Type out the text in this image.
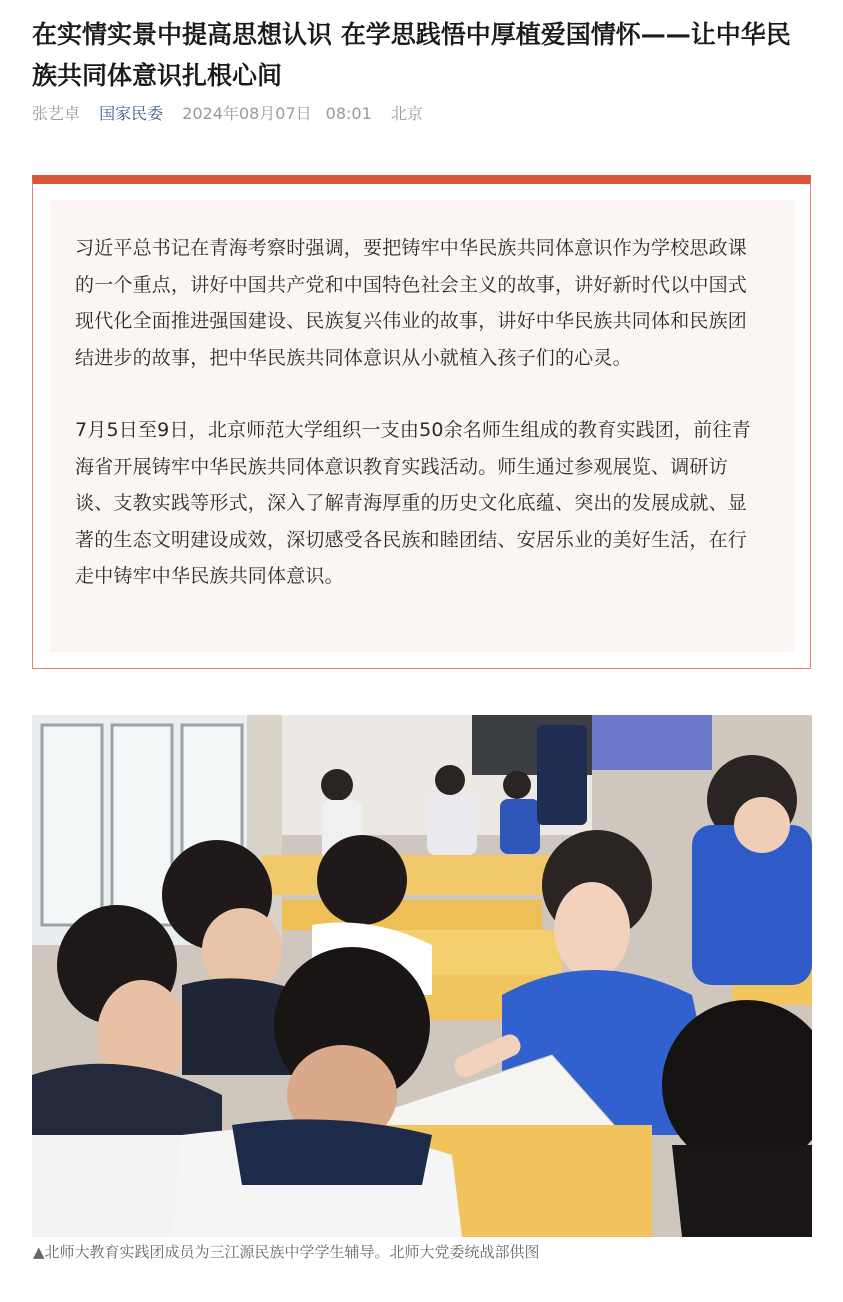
在实情实景中提高思想认识 在学思践悟中厚植爱国情怀——让中华民族共同体意识扎根心间
张艺卓 国家民委 2024年08月07日 08:01 北京

习近平总书记在青海考察时强调，要把铸牢中华民族共同体意识作为学校思政课的一个重点，讲好中国共产党和中国特色社会主义的故事，讲好新时代以中国式现代化全面推进强国建设、民族复兴伟业的故事，讲好中华民族共同体和民族团结进步的故事，把中华民族共同体意识从小就植入孩子们的心灵。

7月5日至9日，北京师范大学组织一支由50余名师生组成的教育实践团，前往青海省开展铸牢中华民族共同体意识教育实践活动。师生通过参观展览、调研访谈、支教实践等形式，深入了解青海厚重的历史文化底蕴、突出的发展成就、显著的生态文明建设成效，深切感受各民族和睦团结、安居乐业的美好生活，在行走中铸牢中华民族共同体意识。

▲北师大教育实践团成员为三江源民族中学学生辅导。北师大党委统战部供图
